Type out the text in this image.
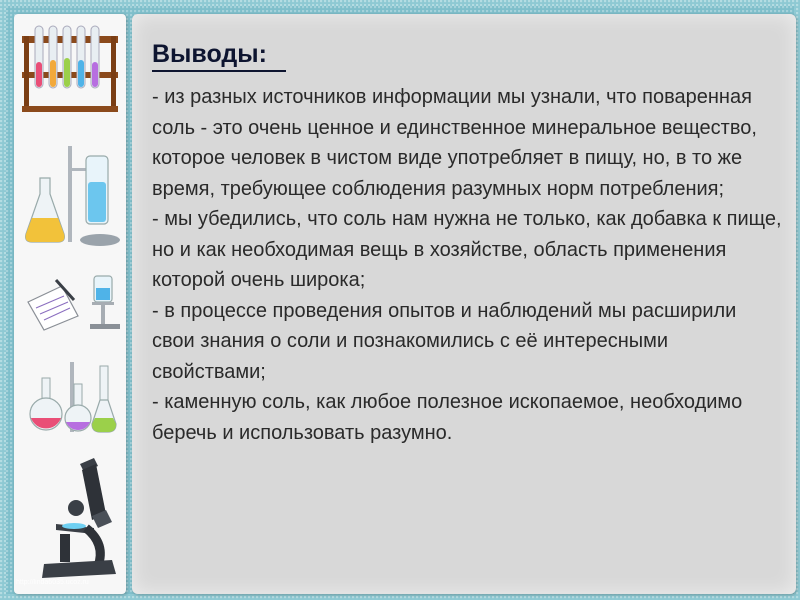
Выводы:

- из разных источников информации мы узнали, что поваренная соль - это очень ценное и единственное минеральное вещество, которое человек в чистом виде употребляет в пищу, но, в то же время, требующее соблюдения разумных норм потребления;

- мы убедились, что соль нам нужна не только, как добавка к пище, но и как необходимая вещь в хозяйстве, область применения которой очень широка;

- в процессе проведения опытов и наблюдений мы расширили свои знания о соли и познакомились с её интересными свойствами;

- каменную соль, как любое полезное ископаемое, необходимо беречь и использовать разумно.

http://linda6035.ucoz.ru
